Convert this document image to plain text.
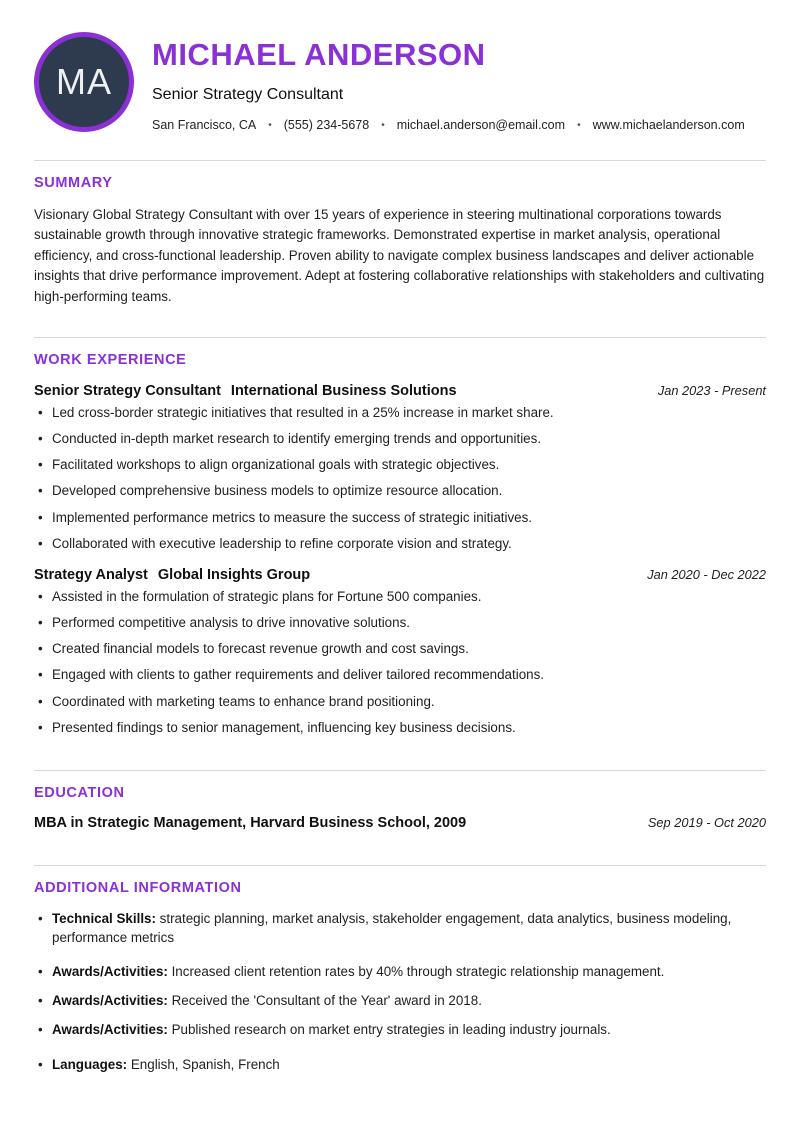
MA
MICHAEL ANDERSON
Senior Strategy Consultant
San Francisco, CA • (555) 234-5678 • michael.anderson@email.com • www.michaelanderson.com
SUMMARY

Visionary Global Strategy Consultant with over 15 years of experience in steering multinational corporations towards sustainable growth through innovative strategic frameworks. Demonstrated expertise in market analysis, operational efficiency, and cross-functional leadership. Proven ability to navigate complex business landscapes and deliver actionable insights that drive performance improvement. Adept at fostering collaborative relationships with stakeholders and cultivating high-performing teams.

WORK EXPERIENCE
Senior Strategy Consultant International Business Solutions	Jan 2023 - Present
• Led cross-border strategic initiatives that resulted in a 25% increase in market share.
• Conducted in-depth market research to identify emerging trends and opportunities.
• Facilitated workshops to align organizational goals with strategic objectives.
• Developed comprehensive business models to optimize resource allocation.
• Implemented performance metrics to measure the success of strategic initiatives.
• Collaborated with executive leadership to refine corporate vision and strategy.
Strategy Analyst Global Insights Group	Jan 2020 - Dec 2022
• Assisted in the formulation of strategic plans for Fortune 500 companies.
• Performed competitive analysis to drive innovative solutions.
• Created financial models to forecast revenue growth and cost savings.
• Engaged with clients to gather requirements and deliver tailored recommendations.
• Coordinated with marketing teams to enhance brand positioning.
• Presented findings to senior management, influencing key business decisions.
EDUCATION
MBA in Strategic Management, Harvard Business School, 2009	Sep 2019 - Oct 2020
ADDITIONAL INFORMATION
• Technical Skills: strategic planning, market analysis, stakeholder engagement, data analytics, business modeling, performance metrics
• Awards/Activities: Increased client retention rates by 40% through strategic relationship management.
• Awards/Activities: Received the 'Consultant of the Year' award in 2018.
• Awards/Activities: Published research on market entry strategies in leading industry journals.
• Languages: English, Spanish, French
